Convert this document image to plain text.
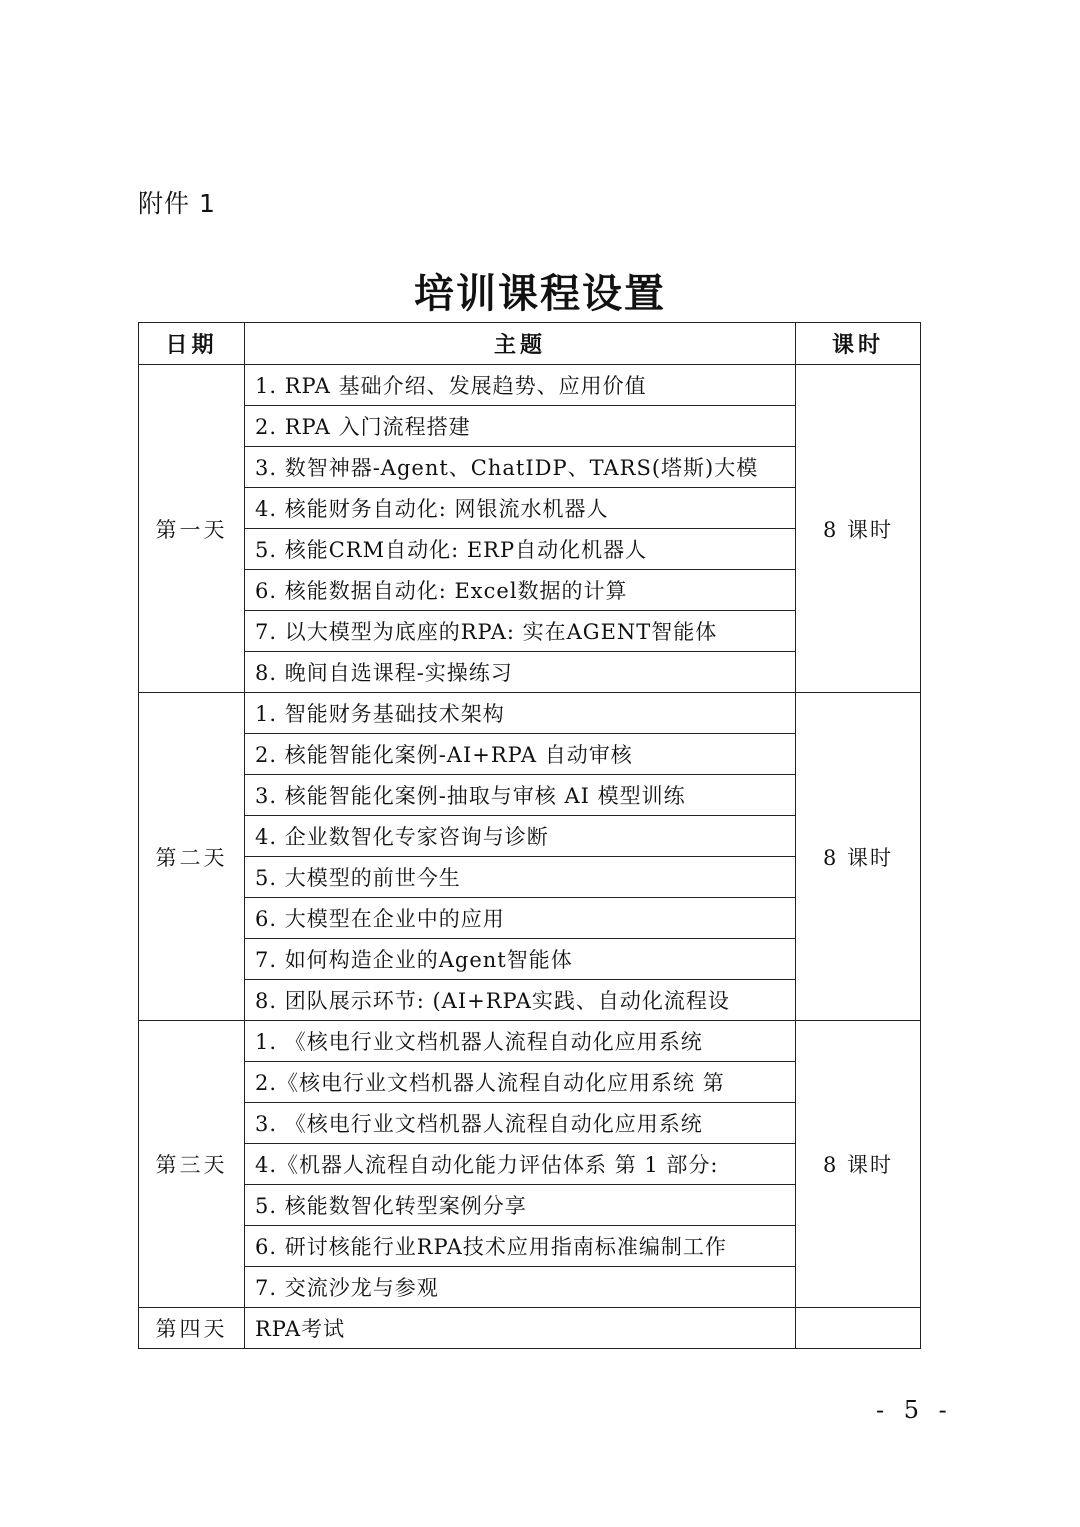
附件 1
培训课程设置
日期	主题	课时
第一天	1. RPA 基础介绍、发展趋势、应用价值	8 课时
	2. RPA 入门流程搭建	
	3. 数智神器-Agent、ChatIDP、TARS(塔斯)大模	
	4. 核能财务自动化: 网银流水机器人	
	5. 核能CRM自动化: ERP自动化机器人	
	6. 核能数据自动化: Excel数据的计算	
	7. 以大模型为底座的RPA: 实在AGENT智能体	
	8. 晚间自选课程-实操练习	
第二天	1. 智能财务基础技术架构	8 课时
	2. 核能智能化案例-AI+RPA 自动审核	
	3. 核能智能化案例-抽取与审核 AI 模型训练	
	4. 企业数智化专家咨询与诊断	
	5. 大模型的前世今生	
	6. 大模型在企业中的应用	
	7. 如何构造企业的Agent智能体	
	8. 团队展示环节: (AI+RPA实践、自动化流程设	
第三天	1. 《核电行业文档机器人流程自动化应用系统	8 课时
	2.《核电行业文档机器人流程自动化应用系统 第	
	3. 《核电行业文档机器人流程自动化应用系统	
	4.《机器人流程自动化能力评估体系 第 1 部分:	
	5. 核能数智化转型案例分享	
	6. 研讨核能行业RPA技术应用指南标准编制工作	
	7. 交流沙龙与参观	
第四天	RPA考试	
- 5 -
